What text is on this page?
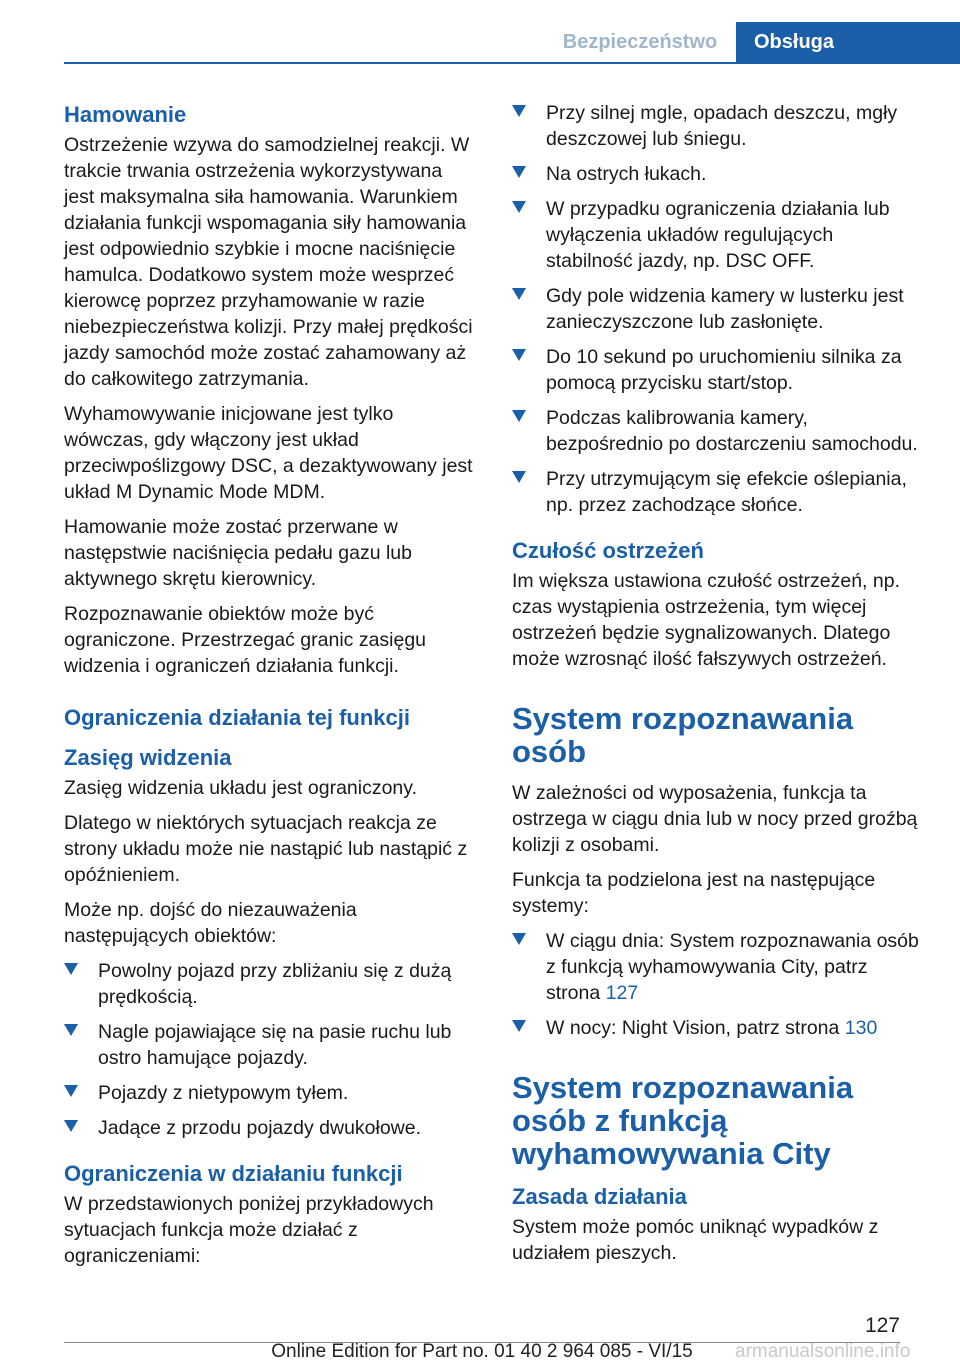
Bezpieczeństwo	Obsługa
Hamowanie

Ostrzeżenie wzywa do samodzielnej reakcji. W trakcie trwania ostrzeżenia wykorzystywana jest maksymalna siła hamowania. Warunkiem działania funkcji wspomagania siły hamowania jest odpowiednio szybkie i mocne naciśnięcie hamulca. Dodatkowo system może wesprzeć kierowcę poprzez przyhamowanie w razie niebezpieczeństwa kolizji. Przy małej prędkości jazdy samochód może zostać zahamowany aż do całkowitego zatrzymania.

Wyhamowywanie inicjowane jest tylko wówczas, gdy włączony jest układ przeciwpoślizgowy DSC, a dezaktywowany jest układ M Dynamic Mode MDM.

Hamowanie może zostać przerwane w następstwie naciśnięcia pedału gazu lub aktywnego skrętu kierownicy.

Rozpoznawanie obiektów może być ograniczone. Przestrzegać granic zasięgu widzenia i ograniczeń działania funkcji.

Ograniczenia działania tej funkcji
Zasięg widzenia

Zasięg widzenia układu jest ograniczony.

Dlatego w niektórych sytuacjach reakcja ze strony układu może nie nastąpić lub nastąpić z opóźnieniem.

Może np. dojść do niezauważenia następujących obiektów:

Powolny pojazd przy zbliżaniu się z dużą prędkością.
Nagle pojawiające się na pasie ruchu lub ostro hamujące pojazdy.
Pojazdy z nietypowym tyłem.
Jadące z przodu pojazdy dwukołowe.
Ograniczenia w działaniu funkcji

W przedstawionych poniżej przykładowych sytuacjach funkcja może działać z ograniczeniami:

Przy silnej mgle, opadach deszczu, mgły deszczowej lub śniegu.
Na ostrych łukach.
W przypadku ograniczenia działania lub wyłączenia układów regulujących stabilność jazdy, np. DSC OFF.
Gdy pole widzenia kamery w lusterku jest zanieczyszczone lub zasłonięte.
Do 10 sekund po uruchomieniu silnika za pomocą przycisku start/stop.
Podczas kalibrowania kamery, bezpośrednio po dostarczeniu samochodu.
Przy utrzymującym się efekcie oślepiania, np. przez zachodzące słońce.
Czułość ostrzeżeń

Im większa ustawiona czułość ostrzeżeń, np. czas wystąpienia ostrzeżenia, tym więcej ostrzeżeń będzie sygnalizowanych. Dlatego może wzrosnąć ilość fałszywych ostrzeżeń.

System rozpoznawania osób

W zależności od wyposażenia, funkcja ta ostrzega w ciągu dnia lub w nocy przed groźbą kolizji z osobami.

Funkcja ta podzielona jest na następujące systemy:

W ciągu dnia: System rozpoznawania osób z funkcją wyhamowywania City, patrz strona 127
W nocy: Night Vision, patrz strona 130
System rozpoznawania osób z funkcją wyhamowywania City
Zasada działania

System może pomóc uniknąć wypadków z udziałem pieszych.

127
Online Edition for Part no. 01 40 2 964 085 - VI/15	armanualsonline.info
